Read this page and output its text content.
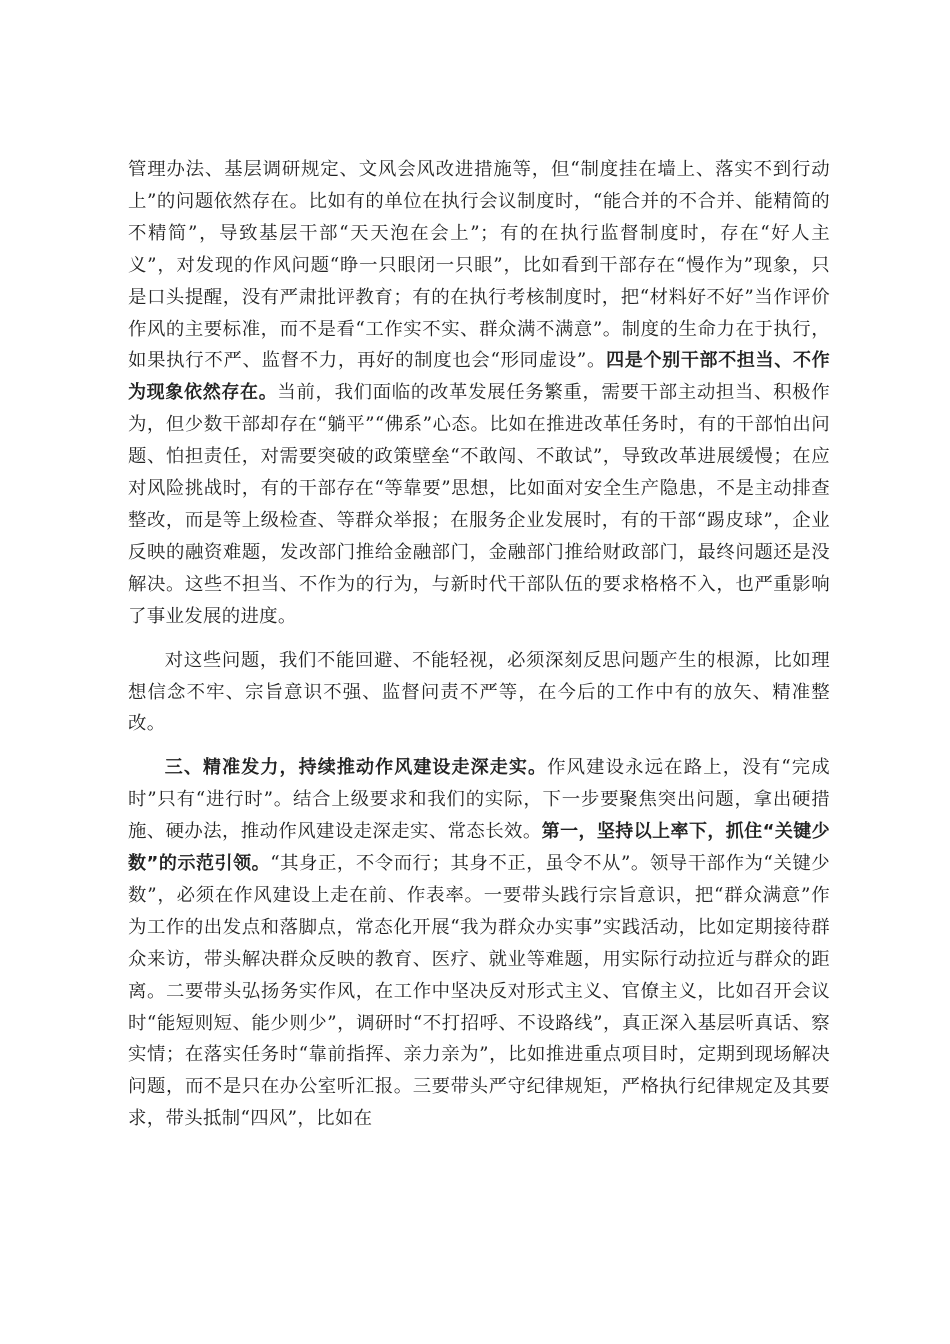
管理办法、基层调研规定、文风会风改进措施等，但“制度挂在墙上、落实不到行动上”的问题依然存在。比如有的单位在执行会议制度时，“能合并的不合并、能精简的不精简”，导致基层干部“天天泡在会上”；有的在执行监督制度时，存在“好人主义”，对发现的作风问题“睁一只眼闭一只眼”，比如看到干部存在“慢作为”现象，只是口头提醒，没有严肃批评教育；有的在执行考核制度时，把“材料好不好”当作评价作风的主要标准，而不是看“工作实不实、群众满不满意”。制度的生命力在于执行，如果执行不严、监督不力，再好的制度也会“形同虚设”。四是个别干部不担当、不作为现象依然存在。当前，我们面临的改革发展任务繁重，需要干部主动担当、积极作为，但少数干部却存在“躺平”“佛系”心态。比如在推进改革任务时，有的干部怕出问题、怕担责任，对需要突破的政策壁垒“不敢闯、不敢试”，导致改革进展缓慢；在应对风险挑战时，有的干部存在“等靠要”思想，比如面对安全生产隐患，不是主动排查整改，而是等上级检查、等群众举报；在服务企业发展时，有的干部“踢皮球”，企业反映的融资难题，发改部门推给金融部门，金融部门推给财政部门，最终问题还是没解决。这些不担当、不作为的行为，与新时代干部队伍的要求格格不入，也严重影响了事业发展的进度。

对这些问题，我们不能回避、不能轻视，必须深刻反思问题产生的根源，比如理想信念不牢、宗旨意识不强、监督问责不严等，在今后的工作中有的放矢、精准整改。

三、精准发力，持续推动作风建设走深走实。作风建设永远在路上，没有“完成时”只有“进行时”。结合上级要求和我们的实际，下一步要聚焦突出问题，拿出硬措施、硬办法，推动作风建设走深走实、常态长效。第一，坚持以上率下，抓住“关键少数”的示范引领。“其身正，不令而行；其身不正，虽令不从”。领导干部作为“关键少数”，必须在作风建设上走在前、作表率。一要带头践行宗旨意识，把“群众满意”作为工作的出发点和落脚点，常态化开展“我为群众办实事”实践活动，比如定期接待群众来访，带头解决群众反映的教育、医疗、就业等难题，用实际行动拉近与群众的距离。二要带头弘扬务实作风，在工作中坚决反对形式主义、官僚主义，比如召开会议时“能短则短、能少则少”，调研时“不打招呼、不设路线”，真正深入基层听真话、察实情；在落实任务时“靠前指挥、亲力亲为”，比如推进重点项目时，定期到现场解决问题，而不是只在办公室听汇报。三要带头严守纪律规矩，严格执行纪律规定及其要求，带头抵制“四风”，比如在
